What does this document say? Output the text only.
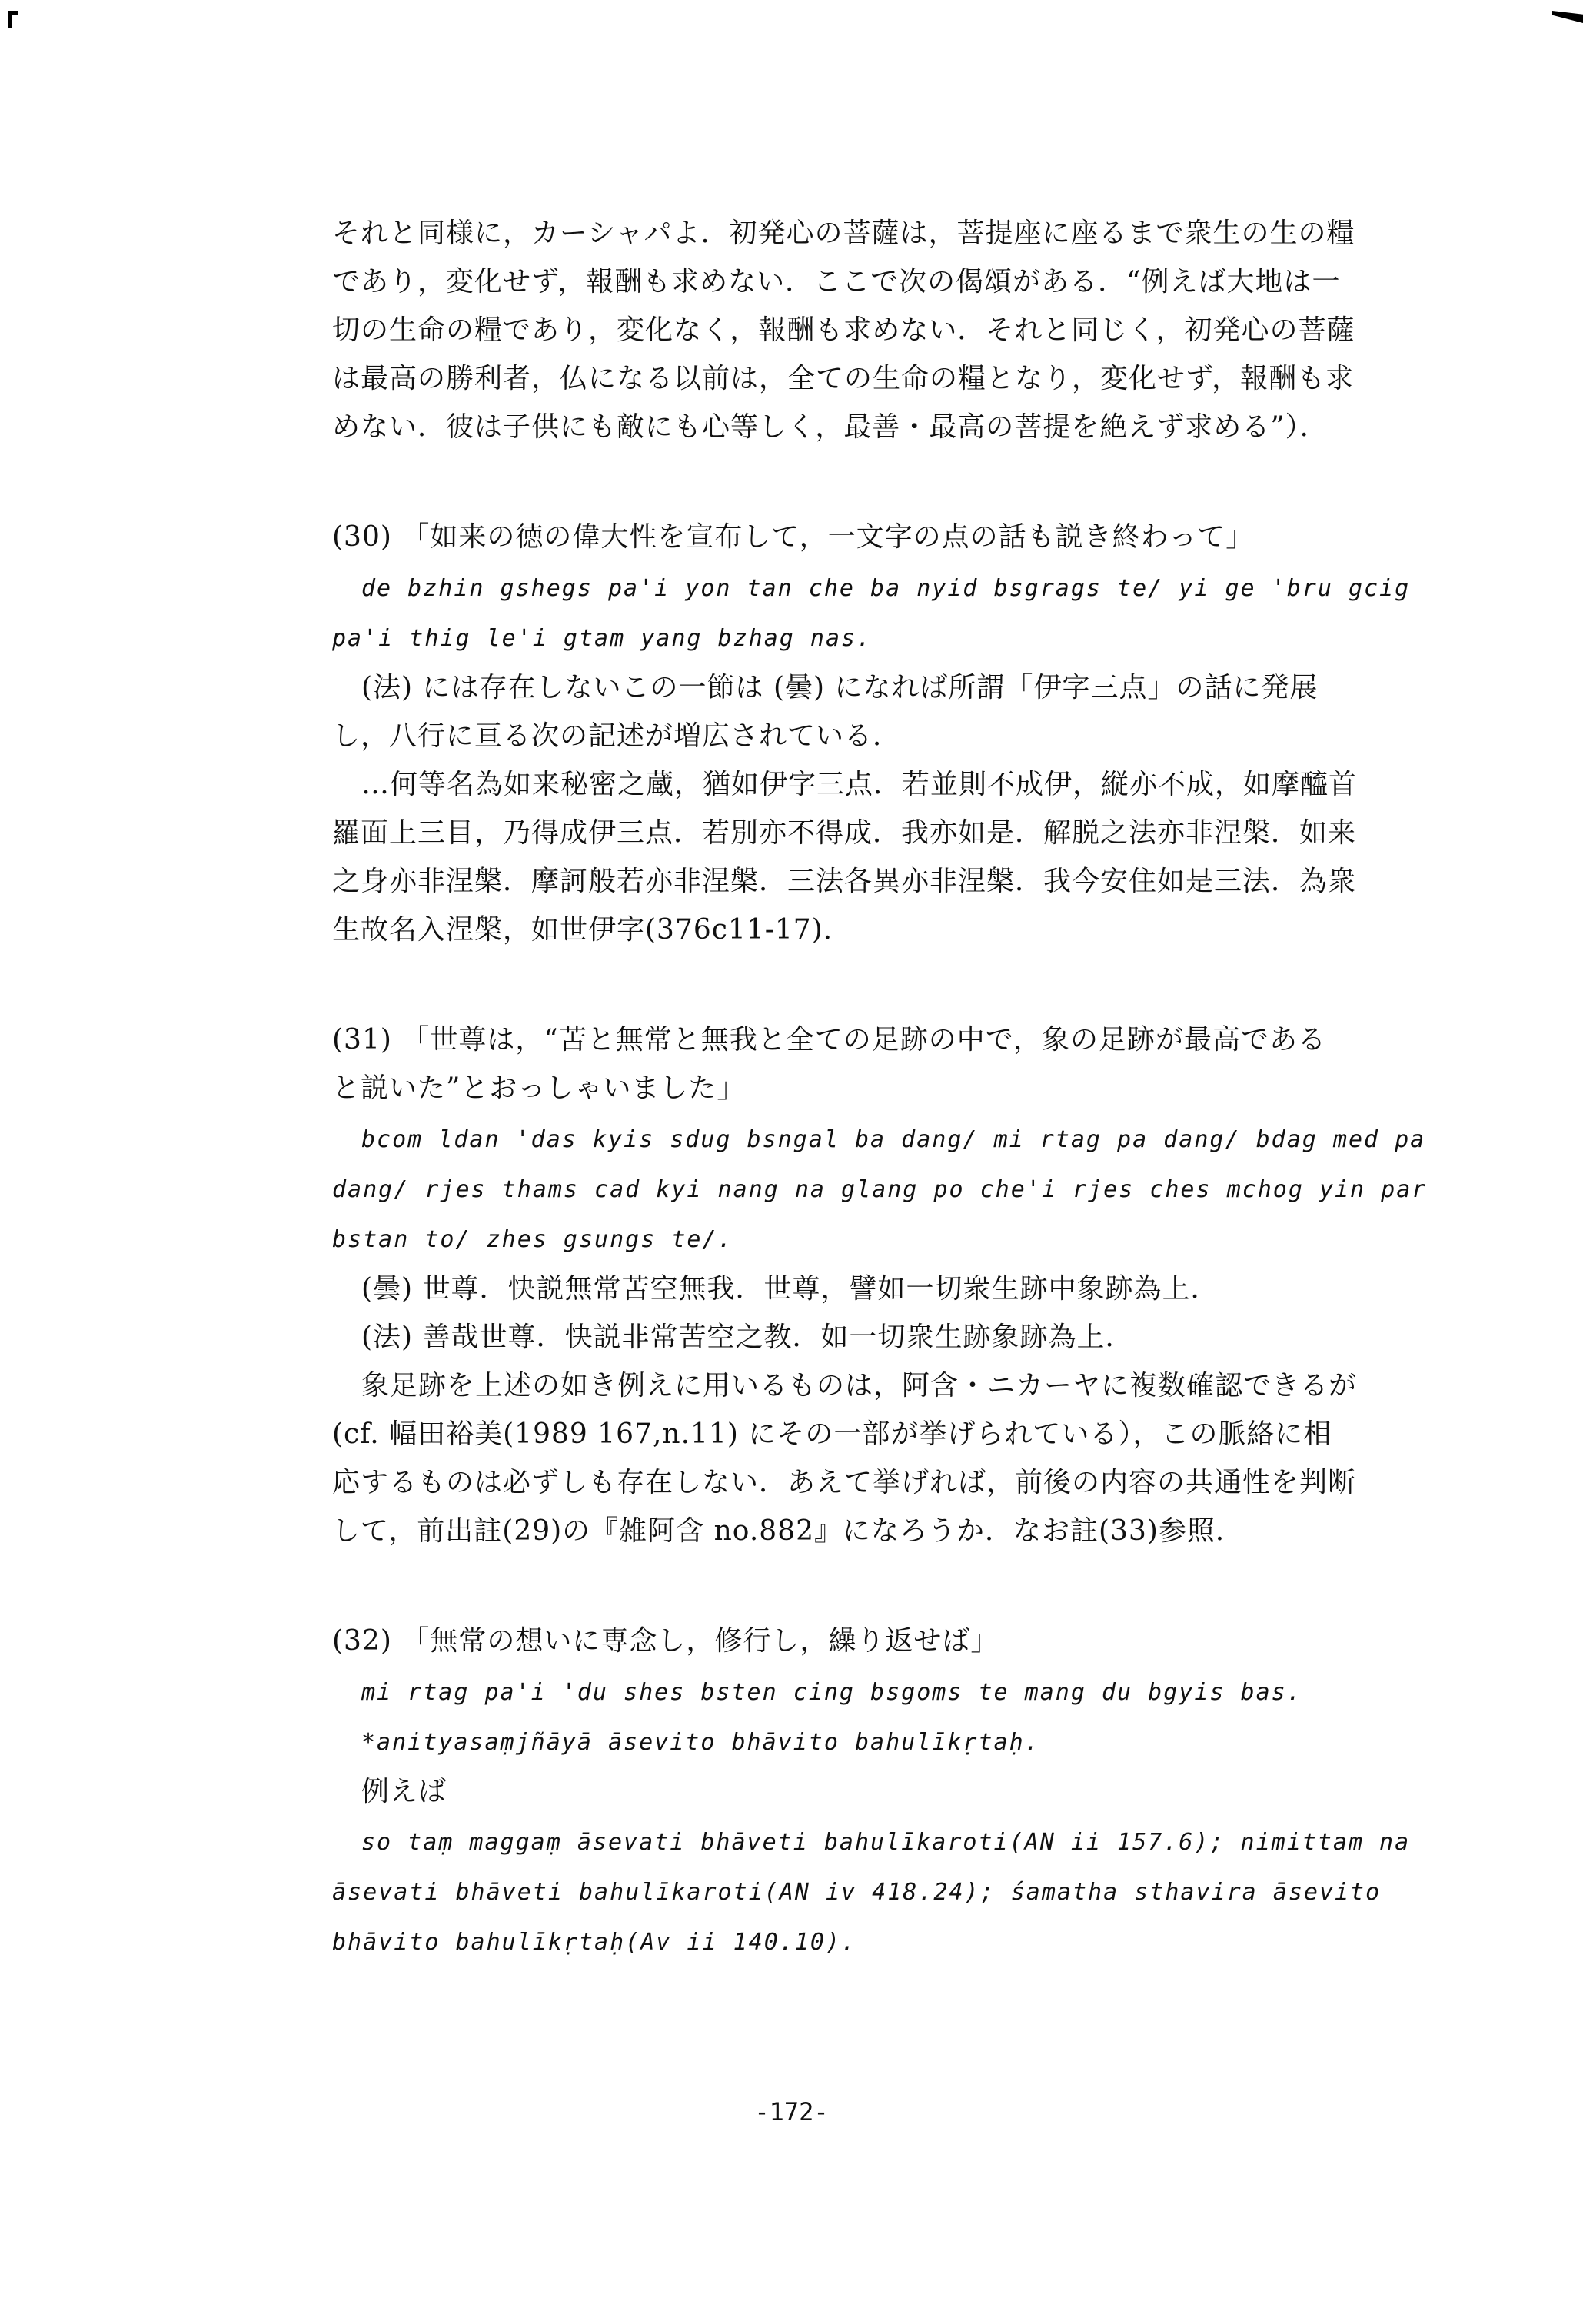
それと同様に，カーシャパよ．初発心の菩薩は，菩提座に座るまで衆生の生の糧
であり，変化せず，報酬も求めない．ここで次の偈頌がある．“例えば大地は一
切の生命の糧であり，変化なく，報酬も求めない．それと同じく，初発心の菩薩
は最高の勝利者，仏になる以前は，全ての生命の糧となり，変化せず，報酬も求
めない．彼は子供にも敵にも心等しく，最善・最高の菩提を絶えず求める”）．
(30) 「如来の徳の偉大性を宣布して，一文字の点の話も説き終わって」
de bzhin gshegs pa'i yon tan che ba nyid bsgrags te/ yi ge 'bru gcig
pa'i thig le'i gtam yang bzhag nas.
(法) には存在しないこの一節は (曇) になれば所謂「伊字三点」の話に発展
し，八行に亘る次の記述が増広されている．
…何等名為如来秘密之蔵，猶如伊字三点．若並則不成伊，縦亦不成，如摩醯首
羅面上三目，乃得成伊三点．若別亦不得成．我亦如是．解脱之法亦非涅槃．如来
之身亦非涅槃．摩訶般若亦非涅槃．三法各異亦非涅槃．我今安住如是三法．為衆
生故名入涅槃，如世伊字(376c11-17)．
(31) 「世尊は，“苦と無常と無我と全ての足跡の中で，象の足跡が最高である
と説いた”とおっしゃいました」
bcom ldan 'das kyis sdug bsngal ba dang/ mi rtag pa dang/ bdag med pa
dang/ rjes thams cad kyi nang na glang po che'i rjes ches mchog yin par
bstan to/ zhes gsungs te/.
(曇) 世尊．快説無常苦空無我．世尊，譬如一切衆生跡中象跡為上．
(法) 善哉世尊．快説非常苦空之教．如一切衆生跡象跡為上．
象足跡を上述の如き例えに用いるものは，阿含・ニカーヤに複数確認できるが
(cf. 幅田裕美(1989 167,n.11) にその一部が挙げられている），この脈絡に相
応するものは必ずしも存在しない．あえて挙げれば，前後の内容の共通性を判断
して，前出註(29)の『雑阿含 no.882』になろうか．なお註(33)参照．
(32) 「無常の想いに専念し，修行し，繰り返せば」
mi rtag pa'i 'du shes bsten cing bsgoms te mang du bgyis bas.
*anityasaṃjñāyā āsevito bhāvito bahulīkṛtaḥ.
例えば
so taṃ maggaṃ āsevati bhāveti bahulīkaroti(AN ii 157.6); nimittam na
āsevati bhāveti bahulīkaroti(AN iv 418.24); śamatha sthavira āsevito
bhāvito bahulīkṛtaḥ(Av ii 140.10).
-172-
